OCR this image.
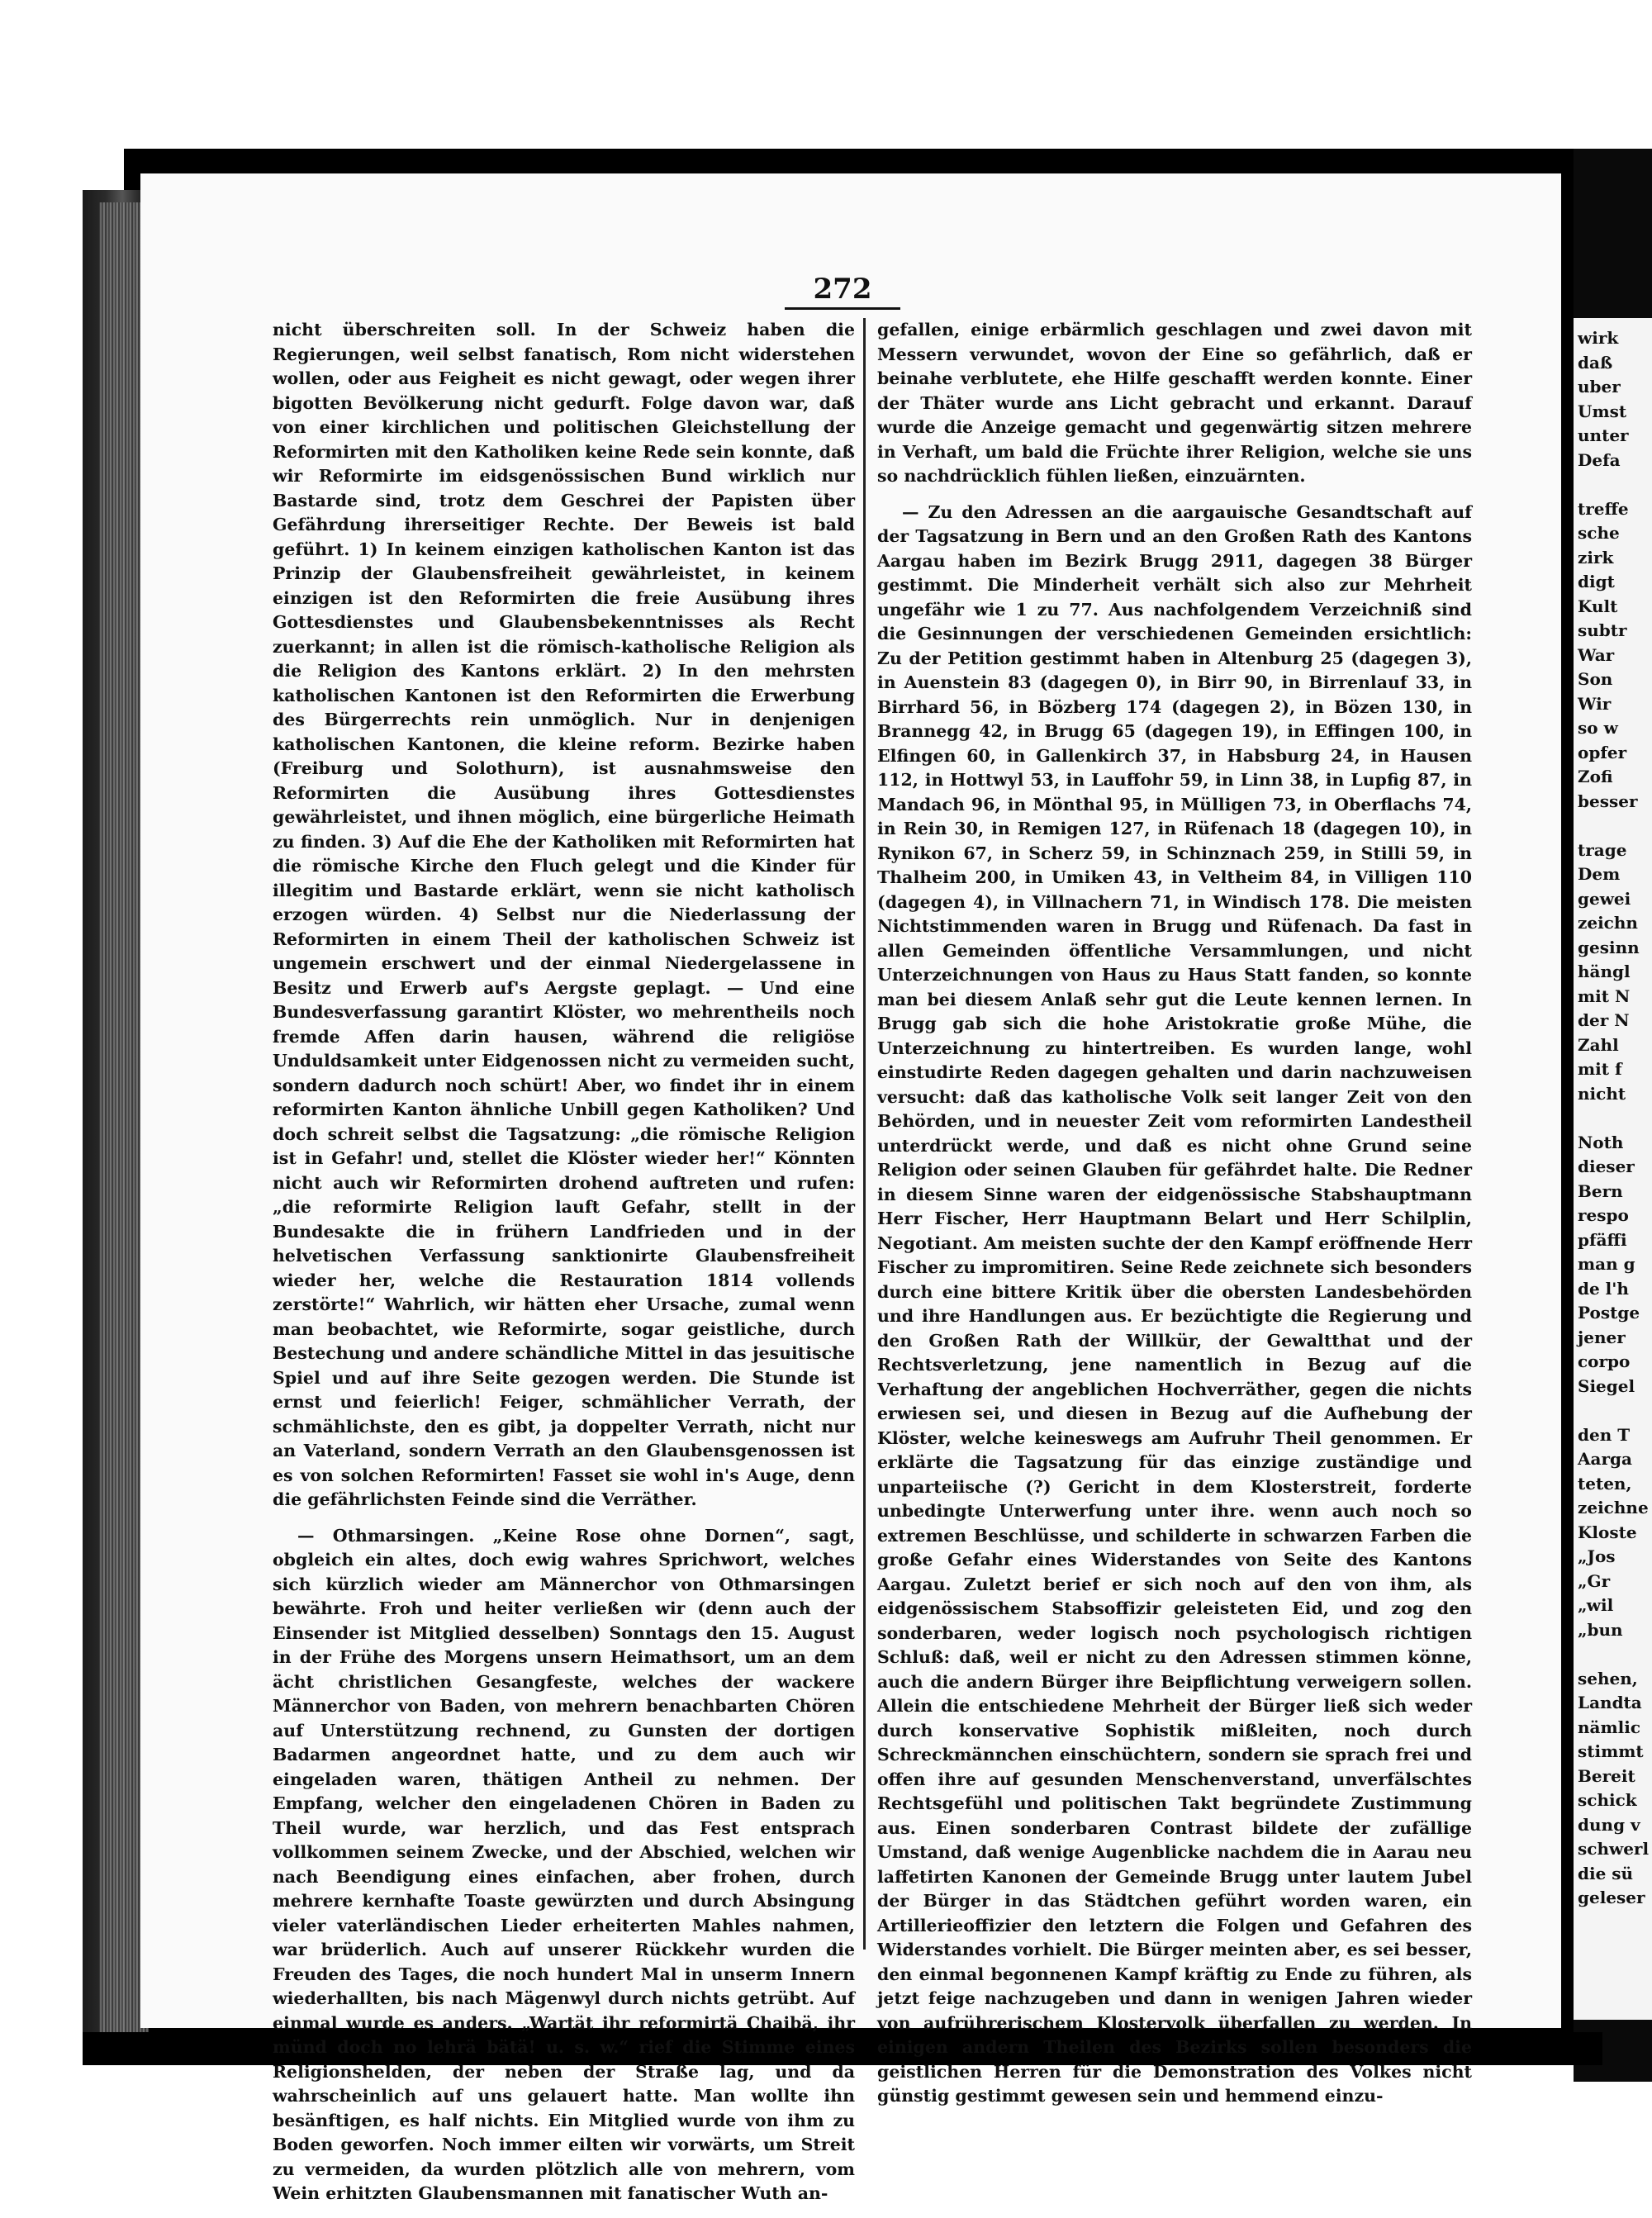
272

nicht überschreiten soll. In der Schweiz haben die Regierungen, weil selbst fanatisch, Rom nicht widerstehen wollen, oder aus Feigheit es nicht gewagt, oder wegen ihrer bigotten Bevölkerung nicht gedurft. Folge davon war, daß von einer kirchlichen und politischen Gleichstellung der Reformirten mit den Katholiken keine Rede sein konnte, daß wir Reformirte im eidsgenössischen Bund wirklich nur Bastarde sind, trotz dem Geschrei der Papisten über Gefährdung ihrerseitiger Rechte. Der Beweis ist bald geführt. 1) In keinem einzigen katholischen Kanton ist das Prinzip der Glaubensfreiheit gewährleistet, in keinem einzigen ist den Reformirten die freie Ausübung ihres Gottesdienstes und Glaubensbekenntnisses als Recht zuerkannt; in allen ist die römisch-katholische Religion als die Religion des Kantons erklärt. 2) In den mehrsten katholischen Kantonen ist den Reformirten die Erwerbung des Bürgerrechts rein unmöglich. Nur in denjenigen katholischen Kantonen, die kleine reform. Bezirke haben (Freiburg und Solothurn), ist ausnahmsweise den Reformirten die Ausübung ihres Gottesdienstes gewährleistet, und ihnen möglich, eine bürgerliche Heimath zu finden. 3) Auf die Ehe der Katholiken mit Reformirten hat die römische Kirche den Fluch gelegt und die Kinder für illegitim und Bastarde erklärt, wenn sie nicht katholisch erzogen würden. 4) Selbst nur die Niederlassung der Reformirten in einem Theil der katholischen Schweiz ist ungemein erschwert und der einmal Niedergelassene in Besitz und Erwerb auf's Aergste geplagt. — Und eine Bundesverfassung garantirt Klöster, wo mehrentheils noch fremde Affen darin hausen, während die religiöse Unduldsamkeit unter Eidgenossen nicht zu vermeiden sucht, sondern dadurch noch schürt! Aber, wo findet ihr in einem reformirten Kanton ähnliche Unbill gegen Katholiken? Und doch schreit selbst die Tagsatzung: „die römische Religion ist in Gefahr! und, stellet die Klöster wieder her!“ Könnten nicht auch wir Reformirten drohend auftreten und rufen: „die reformirte Religion lauft Gefahr, stellt in der Bundesakte die in frühern Landfrieden und in der helvetischen Verfassung sanktionirte Glaubensfreiheit wieder her, welche die Restauration 1814 vollends zerstörte!“ Wahrlich, wir hätten eher Ursache, zumal wenn man beobachtet, wie Reformirte, sogar geistliche, durch Bestechung und andere schändliche Mittel in das jesuitische Spiel und auf ihre Seite gezogen werden. Die Stunde ist ernst und feierlich! Feiger, schmählicher Verrath, der schmählichste, den es gibt, ja doppelter Verrath, nicht nur an Vaterland, sondern Verrath an den Glaubensgenossen ist es von solchen Reformirten! Fasset sie wohl in's Auge, denn die gefährlichsten Feinde sind die Verräther.

— Othmarsingen. „Keine Rose ohne Dornen“, sagt, obgleich ein altes, doch ewig wahres Sprichwort, welches sich kürzlich wieder am Männerchor von Othmarsingen bewährte. Froh und heiter verließen wir (denn auch der Einsender ist Mitglied desselben) Sonntags den 15. August in der Frühe des Morgens unsern Heimathsort, um an dem ächt christlichen Gesangfeste, welches der wackere Männerchor von Baden, von mehrern benachbarten Chören auf Unterstützung rechnend, zu Gunsten der dortigen Badarmen angeordnet hatte, und zu dem auch wir eingeladen waren, thätigen Antheil zu nehmen. Der Empfang, welcher den eingeladenen Chören in Baden zu Theil wurde, war herzlich, und das Fest entsprach vollkommen seinem Zwecke, und der Abschied, welchen wir nach Beendigung eines einfachen, aber frohen, durch mehrere kernhafte Toaste gewürzten und durch Absingung vieler vaterländischen Lieder erheiterten Mahles nahmen, war brüderlich. Auch auf unserer Rückkehr wurden die Freuden des Tages, die noch hundert Mal in unserm Innern wiederhallten, bis nach Mägenwyl durch nichts getrübt. Auf einmal wurde es anders. „Wartät ihr reformirtä Chaibä, ihr münd doch no lehrä bätä! u. s. w.“ rief die Stimme eines Religionshelden, der neben der Straße lag, und da wahrscheinlich auf uns gelauert hatte. Man wollte ihn besänftigen, es half nichts. Ein Mitglied wurde von ihm zu Boden geworfen. Noch immer eilten wir vorwärts, um Streit zu vermeiden, da wurden plötzlich alle von mehrern, vom Wein erhitzten Glaubensmannen mit fanatischer Wuth an-

gefallen, einige erbärmlich geschlagen und zwei davon mit Messern verwundet, wovon der Eine so gefährlich, daß er beinahe verblutete, ehe Hilfe geschafft werden konnte. Einer der Thäter wurde ans Licht gebracht und erkannt. Darauf wurde die Anzeige gemacht und gegenwärtig sitzen mehrere in Verhaft, um bald die Früchte ihrer Religion, welche sie uns so nachdrücklich fühlen ließen, einzuärnten.

— Zu den Adressen an die aargauische Gesandtschaft auf der Tagsatzung in Bern und an den Großen Rath des Kantons Aargau haben im Bezirk Brugg 2911, dagegen 38 Bürger gestimmt. Die Minderheit verhält sich also zur Mehrheit ungefähr wie 1 zu 77. Aus nachfolgendem Verzeichniß sind die Gesinnungen der verschiedenen Gemeinden ersichtlich: Zu der Petition gestimmt haben in Altenburg 25 (dagegen 3), in Auenstein 83 (dagegen 0), in Birr 90, in Birrenlauf 33, in Birrhard 56, in Bözberg 174 (dagegen 2), in Bözen 130, in Brannegg 42, in Brugg 65 (dagegen 19), in Effingen 100, in Elfingen 60, in Gallenkirch 37, in Habsburg 24, in Hausen 112, in Hottwyl 53, in Lauffohr 59, in Linn 38, in Lupfig 87, in Mandach 96, in Mönthal 95, in Mülligen 73, in Oberflachs 74, in Rein 30, in Remigen 127, in Rüfenach 18 (dagegen 10), in Rynikon 67, in Scherz 59, in Schinznach 259, in Stilli 59, in Thalheim 200, in Umiken 43, in Veltheim 84, in Villigen 110 (dagegen 4), in Villnachern 71, in Windisch 178. Die meisten Nichtstimmenden waren in Brugg und Rüfenach. Da fast in allen Gemeinden öffentliche Versammlungen, und nicht Unterzeichnungen von Haus zu Haus Statt fanden, so konnte man bei diesem Anlaß sehr gut die Leute kennen lernen. In Brugg gab sich die hohe Aristokratie große Mühe, die Unterzeichnung zu hintertreiben. Es wurden lange, wohl einstudirte Reden dagegen gehalten und darin nachzuweisen versucht: daß das katholische Volk seit langer Zeit von den Behörden, und in neuester Zeit vom reformirten Landestheil unterdrückt werde, und daß es nicht ohne Grund seine Religion oder seinen Glauben für gefährdet halte. Die Redner in diesem Sinne waren der eidgenössische Stabshauptmann Herr Fischer, Herr Hauptmann Belart und Herr Schilplin, Negotiant. Am meisten suchte der den Kampf eröffnende Herr Fischer zu impromitiren. Seine Rede zeichnete sich besonders durch eine bittere Kritik über die obersten Landesbehörden und ihre Handlungen aus. Er bezüchtigte die Regierung und den Großen Rath der Willkür, der Gewaltthat und der Rechtsverletzung, jene namentlich in Bezug auf die Verhaftung der angeblichen Hochverräther, gegen die nichts erwiesen sei, und diesen in Bezug auf die Aufhebung der Klöster, welche keineswegs am Aufruhr Theil genommen. Er erklärte die Tagsatzung für das einzige zuständige und unparteiische (?) Gericht in dem Klosterstreit, forderte unbedingte Unterwerfung unter ihre. wenn auch noch so extremen Beschlüsse, und schilderte in schwarzen Farben die große Gefahr eines Widerstandes von Seite des Kantons Aargau. Zuletzt berief er sich noch auf den von ihm, als eidgenössischem Stabsoffizir geleisteten Eid, und zog den sonderbaren, weder logisch noch psychologisch richtigen Schluß: daß, weil er nicht zu den Adressen stimmen könne, auch die andern Bürger ihre Beipflichtung verweigern sollen. Allein die entschiedene Mehrheit der Bürger ließ sich weder durch konservative Sophistik mißleiten, noch durch Schreckmännchen einschüchtern, sondern sie sprach frei und offen ihre auf gesunden Menschenverstand, unverfälschtes Rechtsgefühl und politischen Takt begründete Zustimmung aus. Einen sonderbaren Contrast bildete der zufällige Umstand, daß wenige Augenblicke nachdem die in Aarau neu laffetirten Kanonen der Gemeinde Brugg unter lautem Jubel der Bürger in das Städtchen geführt worden waren, ein Artillerieoffizier den letztern die Folgen und Gefahren des Widerstandes vorhielt. Die Bürger meinten aber, es sei besser, den einmal begonnenen Kampf kräftig zu Ende zu führen, als jetzt feige nachzugeben und dann in wenigen Jahren wieder von aufrührerischem Klostervolk überfallen zu werden. In einigen andern Theilen des Bezirks sollen besonders die geistlichen Herren für die Demonstration des Volkes nicht günstig gestimmt gewesen sein und hemmend einzu-

wirk
daß
uber
Umst
unter
Defa
treffe
sche
zirk
digt
Kult
subtr
War
Son
Wir
so w
opfer
Zofi
besser
trage
Dem
gewei
zeichn
gesinn
hängl
mit N
der N
Zahl
mit f
nicht
Noth
dieser
Bern
respo
pfäffi
man g
de l'h
Postge
jener
corpo
Siegel
den T
Aarga
teten,
zeichne
Kloste
„Jos
„Gr
„wil
„bun
sehen,
Landta
nämlic
stimmt
Bereit
schick
dung v
schwerl
die sü
geleser
